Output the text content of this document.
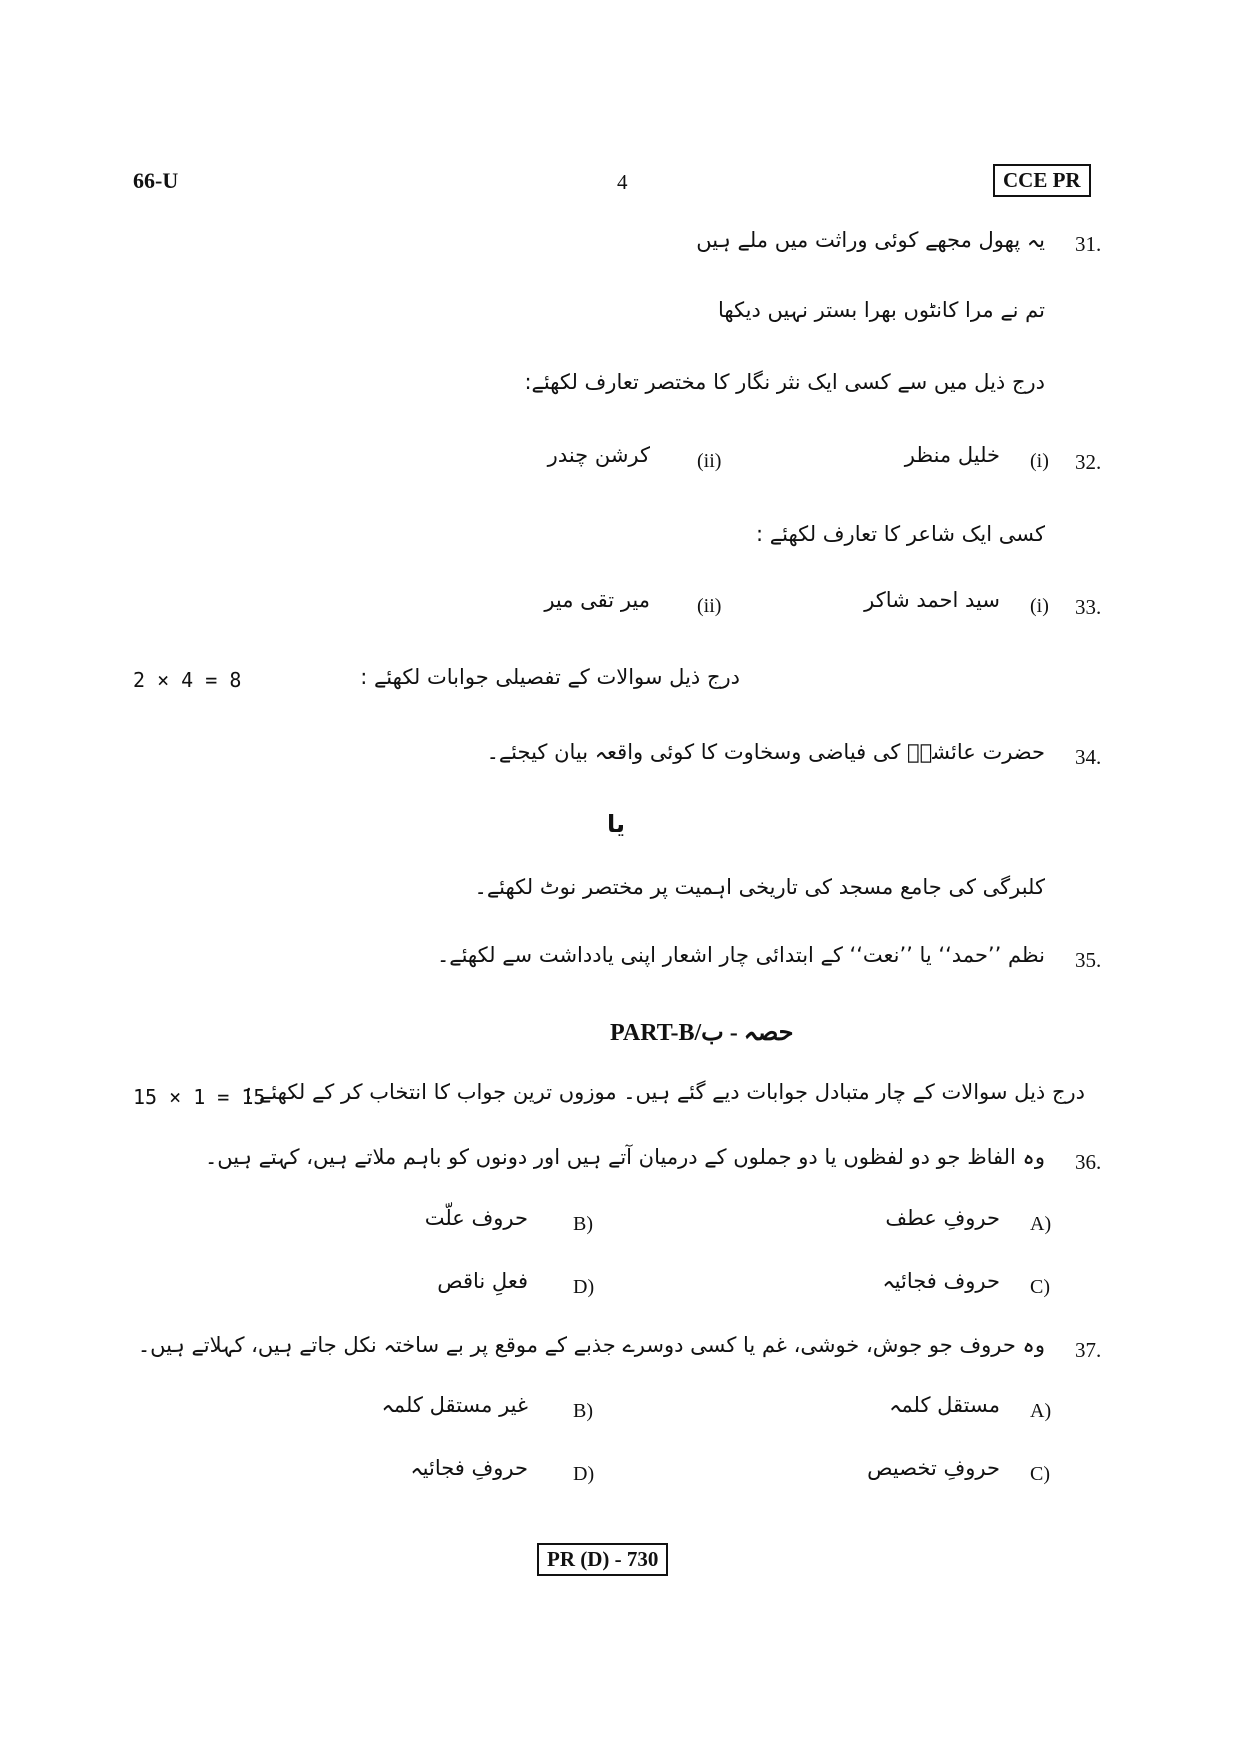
66-U	4	CCE PR
31.
یہ پھول مجھے کوئی وراثت میں ملے ہیں
تم نے مرا کانٹوں بھرا بستر نہیں دیکھا
درج ذیل میں سے کسی ایک نثر نگار کا مختصر تعارف لکھئے:
32.
(i)
خلیل منظر
(ii)
کرشن چندر
کسی ایک شاعر کا تعارف لکھئے :
33.
(i)
سید احمد شاکر
(ii)
میر تقی میر
2 × 4 = 8	درج ذیل سوالات کے تفصیلی جوابات لکھئے :
34.
حضرت عائشہؓ کی فیاضی وسخاوت کا کوئی واقعہ بیان کیجئے۔
یا
کلبرگی کی جامع مسجد کی تاریخی اہمیت پر مختصر نوٹ لکھئے۔
35.
نظم ’’حمد‘‘ یا ’’نعت‘‘ کے ابتدائی چار اشعار اپنی یادداشت سے لکھئے۔
PART-B/حصہ - ب
15 × 1 = 15
درج ذیل سوالات کے چار متبادل جوابات دیے گئے ہیں۔ موزوں ترین جواب کا انتخاب کر کے لکھئے :
36.
وہ الفاظ جو دو لفظوں یا دو جملوں کے درمیان آتے ہیں اور دونوں کو باہم ملاتے ہیں، کہتے ہیں۔
A)
حروفِ عطف
B)
حروف علّت
C)
حروف فجائیہ
D)
فعلِ ناقص
37.
وہ حروف جو جوش، خوشی، غم یا کسی دوسرے جذبے کے موقع پر بے ساختہ نکل جاتے ہیں، کہلاتے ہیں۔
A)
مستقل کلمہ
B)
غیر مستقل کلمہ
C)
حروفِ تخصیص
D)
حروفِ فجائیہ
PR (D) - 730
